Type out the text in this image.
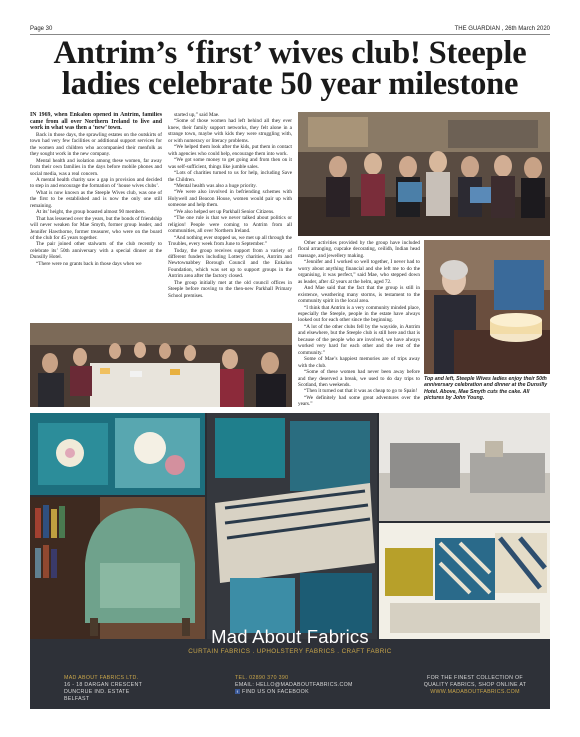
Page 30	THE GUARDIAN , 26th March 2020
Antrim’s ‘first’ wives club! Steeple
ladies celebrate 50 year milestone

IN 1969, when Enkalon opened in Antrim, families came from all over Northern Ireland to live and work in what was then a ‘new’ town.

Back in those days, the sprawling estates on the outskirts of town had very few facilities or additional support services for the women and children who accompanied their menfolk as they sought work in the new company.

Mental health and isolation among these women, far away from their own families in the days before mobile phones and social media, was a real concern.

A mental health charity saw a gap in provision and decided to step in and encourage the formation of ‘house wives clubs’.

What is now known as the Steeple Wives club, was one of the first to be established and is now the only one still remaining.

At its’ height, the group boasted almost 90 members.

That has lessened over the years, but the bonds of friendship will never weaken for Mae Smyth, former group leader, and Jennifer Hawthorne, former treasurer, who were on the board of the club for 45 years together.

The pair joined other stalwarts of the club recently to celebrate its’ 50th anniversary with a special dinner at the Dunsilly Hotel.

“There were no grants back in those days when we

started up,” said Mae.

“Some of those women had left behind all they ever knew, their family support networks, they felt alone in a strange town, maybe with kids they were struggling with, or with numeracy or literacy problems.

“We helped them look after the kids, put them in contact with agencies who could help, encourage them into work.

“We got some money to get going and from then on it was self-sufficient, things like jumble sales.

“Lots of charities turned to us for help, including Save the Children.

“Mental health was also a huge priority.

“We were also involved in befriending schemes with Holywell and Beacon House, women would pair up with someone and help them.

“We also helped set up Parkhall Senior Citizens.

“The one rule is that we never talked about politics or religion! People were coming to Antrim from all communities, all over Northern Ireland.

“And nothing ever stopped us, we met up all through the Troubles, every week from June to September.”

Today, the group receives support from a variety of different funders including Lottery charities, Antrim and Newtownabbey Borough Council and the Enkalon Foundation, which was set up to support groups in the Antrim area after the factory closed.

The group initially met at the old council offices in Steeple before moving to the then-new Parkhall Primary School premises.

Other activities provided by the group have included floral arranging, cupcake decorating, ceilidh, Indian head massage, and jewellery making.

“Jennifer and I worked so well together, I never had to worry about anything financial and she left me to do the organising, it was perfect,” said Mae, who stepped down as leader, after 42 years at the helm, aged 72.

And Mae said that the fact that the group is still in existence, weathering many storms, is testament to the community spirit in the local area.

“I think that Antrim is a very community minded place, especially the Steeple, people in the estate have always looked out for each other since the beginning.

“A lot of the other clubs fell by the wayside, in Antrim and elsewhere, but the Steeple club is still here and that is because of the people who are involved, we have always worked very hard for each other and the rest of the community.”

Some of Mae’s happiest memories are of trips away with the club.

“Some of these women had never been away before and they deserved a break, we used to do day trips to Scotland, then weekends.

“Then it turned out that it was as cheap to go to Spain!

“We definitely had some great adventures over the years.”

Top and left, Steeple Wives ladies enjoy their 50th anniversary celebration and dinner at the Dunsilly Hotel. Above, Mae Smyth cuts the cake. All pictures by John Young.
Mad About Fabrics
CURTAIN FABRICS . UPHOLSTERY FABRICS . CRAFT FABRIC
MAD ABOUT FABRICS LTD.
16 - 18 DARGAN CRESCENT
DUNCRUE IND. ESTATE
BELFAST
TEL. 02890 370 390
EMAIL: HELLO@MADABOUTFABRICS.COM
f FIND US ON FACEBOOK
FOR THE FINEST COLLECTION OF
QUALITY FABRICS, SHOP ONLINE AT
WWW.MADABOUTFABRICS.COM
